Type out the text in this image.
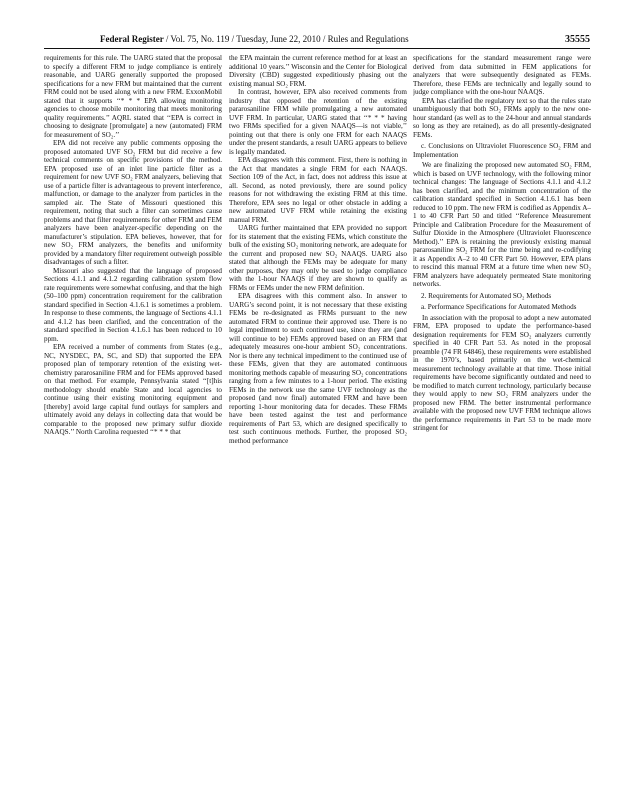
Federal Register / Vol. 75, No. 119 / Tuesday, June 22, 2010 / Rules and Regulations	35555

requirements for this rule. The UARG stated that the proposal to specify a different FRM to judge compliance is entirely reasonable, and UARG generally supported the proposed specifications for a new FRM but maintained that the current FRM could not be used along with a new FRM. ExxonMobil stated that it supports ‘‘* * * EPA allowing monitoring agencies to choose mobile monitoring that meets monitoring quality requirements.’’ AQRL stated that ‘‘EPA is correct in choosing to designate [promulgate] a new (automated) FRM for measurement of SO₂.’’

EPA did not receive any public comments opposing the proposed automated UVF SO₂ FRM but did receive a few technical comments on specific provisions of the method. EPA proposed use of an inlet line particle filter as a requirement for new UVF SO₂ FRM analyzers, believing that use of a particle filter is advantageous to prevent interference, malfunction, or damage to the analyzer from particles in the sampled air. The State of Missouri questioned this requirement, noting that such a filter can sometimes cause problems and that filter requirements for other FRM and FEM analyzers have been analyzer-specific depending on the manufacturer’s stipulation. EPA believes, however, that for new SO₂ FRM analyzers, the benefits and uniformity provided by a mandatory filter requirement outweigh possible disadvantages of such a filter.

Missouri also suggested that the language of proposed Sections 4.1.1 and 4.1.2 regarding calibration system flow rate requirements were somewhat confusing, and that the high (50–100 ppm) concentration requirement for the calibration standard specified in Section 4.1.6.1 is sometimes a problem. In response to these comments, the language of Sections 4.1.1 and 4.1.2 has been clarified, and the concentration of the standard specified in Section 4.1.6.1 has been reduced to 10 ppm.

EPA received a number of comments from States (e.g., NC, NYSDEC, PA, SC, and SD) that supported the EPA proposed plan of temporary retention of the existing wet-chemistry pararosaniline FRM and for FEMs approved based on that method. For example, Pennsylvania stated ‘‘[t]his methodology should enable State and local agencies to continue using their existing monitoring equipment and [thereby] avoid large capital fund outlays for samplers and ultimately avoid any delays in collecting data that would be comparable to the proposed new primary sulfur dioxide NAAQS.’’ North Carolina requested ‘‘* * * that

the EPA maintain the current reference method for at least an additional 10 years.’’ Wisconsin and the Center for Biological Diversity (CBD) suggested expeditiously phasing out the existing manual SO₂ FRM.

In contrast, however, EPA also received comments from industry that opposed the retention of the existing pararosaniline FRM while promulgating a new automated UVF FRM. In particular, UARG stated that ‘‘* * * having two FRMs specified for a given NAAQS—is not viable,’’ pointing out that there is only one FRM for each NAAQS under the present standards, a result UARG appears to believe is legally mandated.

EPA disagrees with this comment. First, there is nothing in the Act that mandates a single FRM for each NAAQS. Section 109 of the Act, in fact, does not address this issue at all. Second, as noted previously, there are sound policy reasons for not withdrawing the existing FRM at this time. Therefore, EPA sees no legal or other obstacle in adding a new automated UVF FRM while retaining the existing manual FRM.

UARG further maintained that EPA provided no support for its statement that the existing FEMs, which constitute the bulk of the existing SO₂ monitoring network, are adequate for the current and proposed new SO₂ NAAQS. UARG also stated that although the FEMs may be adequate for many other purposes, they may only be used to judge compliance with the 1-hour NAAQS if they are shown to qualify as FRMs or FEMs under the new FRM definition.

EPA disagrees with this comment also. In answer to UARG’s second point, it is not necessary that these existing FEMs be re-designated as FRMs pursuant to the new automated FRM to continue their approved use. There is no legal impediment to such continued use, since they are (and will continue to be) FEMs approved based on an FRM that adequately measures one-hour ambient SO₂ concentrations. Nor is there any technical impediment to the continued use of these FEMs, given that they are automated continuous monitoring methods capable of measuring SO₂ concentrations ranging from a few minutes to a 1-hour period. The existing FEMs in the network use the same UVF technology as the proposed (and now final) automated FRM and have been reporting 1-hour monitoring data for decades. These FRMs have been tested against the test and performance requirements of Part 53, which are designed specifically to test such continuous methods. Further, the proposed SO₂ method performance

specifications for the standard measurement range were derived from data submitted in FEM applications for analyzers that were subsequently designated as FEMs. Therefore, these FEMs are technically and legally sound to judge compliance with the one-hour NAAQS.

EPA has clarified the regulatory text so that the rules state unambiguously that both SO₂ FRMs apply to the new one-hour standard (as well as to the 24-hour and annual standards so long as they are retained), as do all presently-designated FEMs.

c. Conclusions on Ultraviolet Fluorescence SO₂ FRM and Implementation

We are finalizing the proposed new automated SO₂ FRM, which is based on UVF technology, with the following minor technical changes: The language of Sections 4.1.1 and 4.1.2 has been clarified, and the minimum concentration of the calibration standard specified in Section 4.1.6.1 has been reduced to 10 ppm. The new FRM is codified as Appendix A–1 to 40 CFR Part 50 and titled ‘‘Reference Measurement Principle and Calibration Procedure for the Measurement of Sulfur Dioxide in the Atmosphere (Ultraviolet Fluorescence Method).’’ EPA is retaining the previously existing manual pararosaniline SO₂ FRM for the time being and re-codifying it as Appendix A–2 to 40 CFR Part 50. However, EPA plans to rescind this manual FRM at a future time when new SO₂ FRM analyzers have adequately permeated State monitoring networks.

2. Requirements for Automated SO₂ Methods
a. Performance Specifications for Automated Methods

In association with the proposal to adopt a new automated FRM, EPA proposed to update the performance-based designation requirements for FEM SO₂ analyzers currently specified in 40 CFR Part 53. As noted in the proposal preamble (74 FR 64846), these requirements were established in the 1970’s, based primarily on the wet-chemical measurement technology available at that time. Those initial requirements have become significantly outdated and need to be modified to match current technology, particularly because they would apply to new SO₂ FRM analyzers under the proposed new FRM. The better instrumental performance available with the proposed new UVF FRM technique allows the performance requirements in Part 53 to be made more stringent for
